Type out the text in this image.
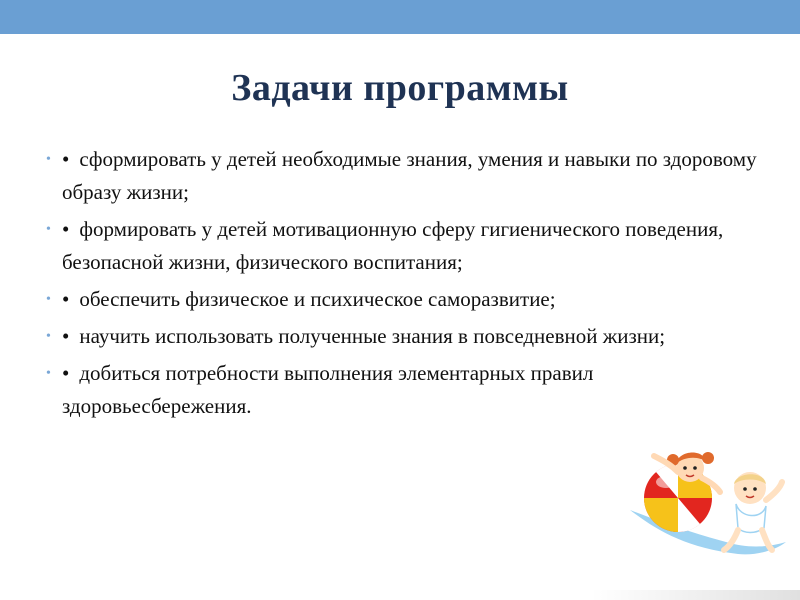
Задачи программы
• • сформировать у детей необходимые знания, умения и навыки по здоровому образу жизни;
• • формировать у детей мотивационную сферу гигиенического поведения, безопасной жизни, физического воспитания;
• • обеспечить физическое и психическое саморазвитие;
• • научить использовать полученные знания в повседневной жизни;
• • добиться потребности выполнения элементарных правил здоровьесбережения.
